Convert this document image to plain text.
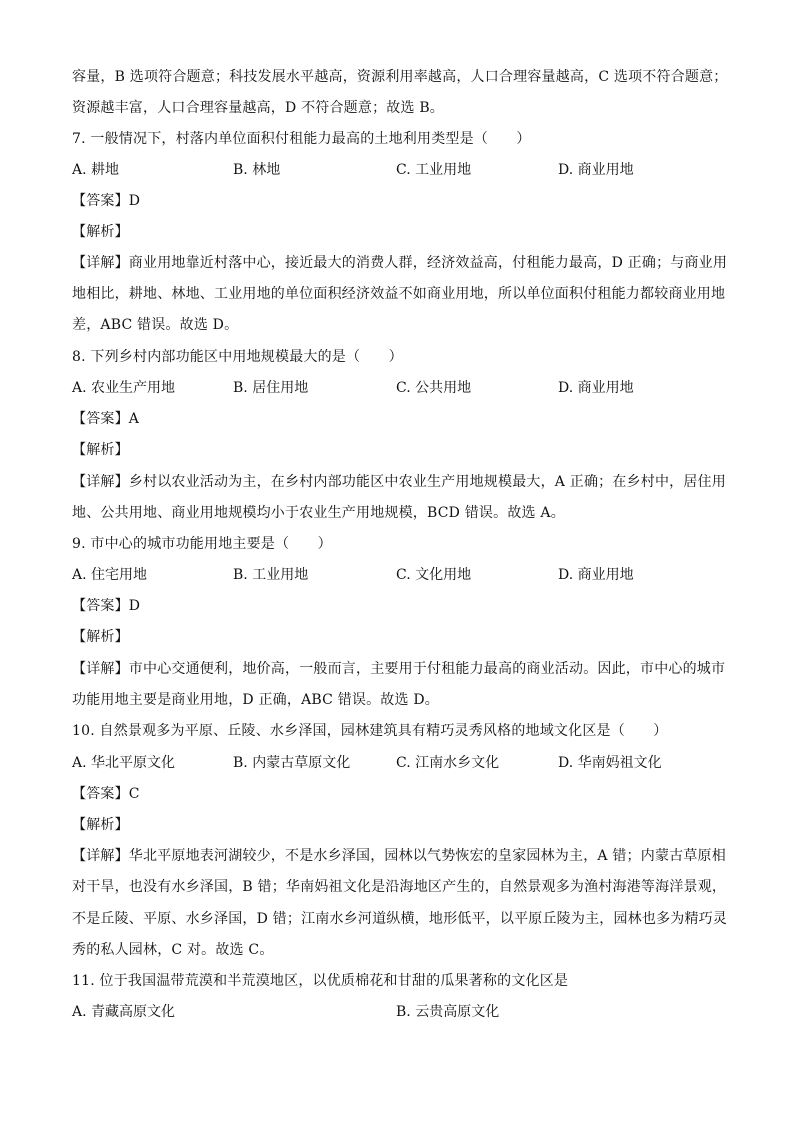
容量，B 选项符合题意；科技发展水平越高，资源利用率越高，人口合理容量越高，C 选项不符合题意；
资源越丰富，人口合理容量越高，D 不符合题意；故选 B。
7. 一般情况下，村落内单位面积付租能力最高的土地利用类型是（　　）
A. 耕地	B. 林地	C. 工业用地	D. 商业用地
【答案】D
【解析】
【详解】商业用地靠近村落中心，接近最大的消费人群，经济效益高，付租能力最高，D 正确；与商业用
地相比，耕地、林地、工业用地的单位面积经济效益不如商业用地，所以单位面积付租能力都较商业用地
差，ABC 错误。故选 D。
8. 下列乡村内部功能区中用地规模最大的是（　　）
A. 农业生产用地	B. 居住用地	C. 公共用地	D. 商业用地
【答案】A
【解析】
【详解】乡村以农业活动为主，在乡村内部功能区中农业生产用地规模最大，A 正确；在乡村中，居住用
地、公共用地、商业用地规模均小于农业生产用地规模，BCD 错误。故选 A。
9. 市中心的城市功能用地主要是（　　）
A. 住宅用地	B. 工业用地	C. 文化用地	D. 商业用地
【答案】D
【解析】
【详解】市中心交通便利，地价高，一般而言，主要用于付租能力最高的商业活动。因此，市中心的城市
功能用地主要是商业用地，D 正确，ABC 错误。故选 D。
10. 自然景观多为平原、丘陵、水乡泽国，园林建筑具有精巧灵秀风格的地域文化区是（　　）
A. 华北平原文化	B. 内蒙古草原文化	C. 江南水乡文化	D. 华南妈祖文化
【答案】C
【解析】
【详解】华北平原地表河湖较少，不是水乡泽国，园林以气势恢宏的皇家园林为主，A 错；内蒙古草原相
对干旱，也没有水乡泽国，B 错；华南妈祖文化是沿海地区产生的，自然景观多为渔村海港等海洋景观，
不是丘陵、平原、水乡泽国，D 错；江南水乡河道纵横，地形低平，以平原丘陵为主，园林也多为精巧灵
秀的私人园林，C 对。故选 C。
11. 位于我国温带荒漠和半荒漠地区，以优质棉花和甘甜的瓜果著称的文化区是
A. 青藏高原文化	B. 云贵高原文化
